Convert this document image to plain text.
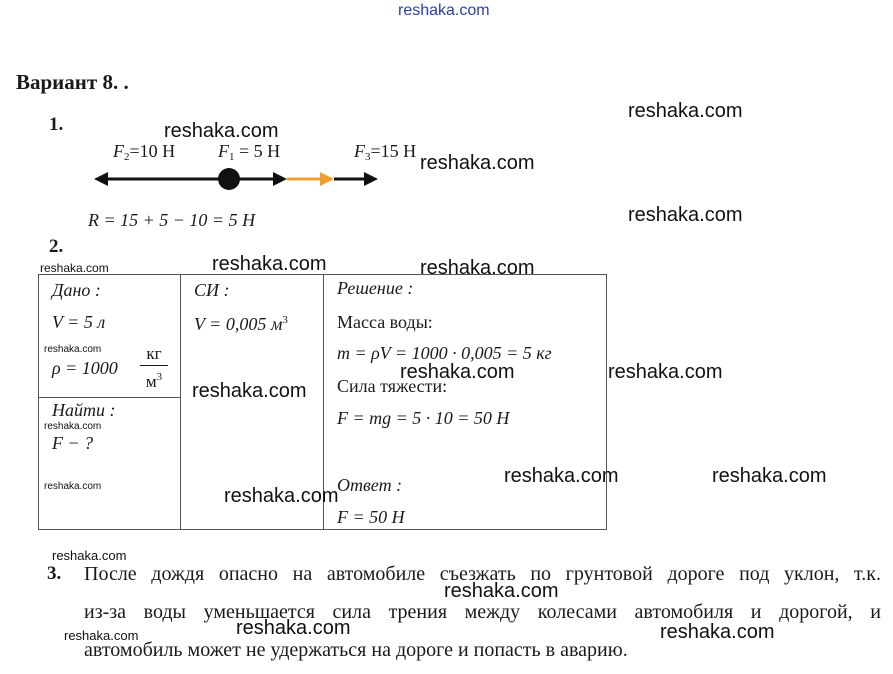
reshaka.com
Вариант 8. .
1.
$F_2=10$ Н $F_1 = 5$ Н	$F_3=15$ Н
R = 15 + 5 − 10 = 5 Н
2.
Дано :
V = 5 л
ρ = 1000
кг
$м^3$
Найти :
F − ?
СИ :
V = 0,005 $м^3$
Решение :
Масса воды:
m = ρV = 1000 · 0,005 = 5 кг
Сила тяжести:
F = mg = 5 · 10 = 50 Н
Ответ :
F = 50 Н
3. После дождя опасно на автомобиле съезжать по грунтовой дороге под уклон, т.к.
из-за воды уменьшается сила трения между колесами автомобиля и дорогой, и
автомобиль может не удержаться на дороге и попасть в аварию.
reshaka.com
reshaka.com
reshaka.com
reshaka.com
reshaka.com	reshaka.com
reshaka.com	reshaka.com
reshaka.com
reshaka.com	reshaka.com
reshaka.com
reshaka.com
reshaka.com	reshaka.com
reshaka.com
reshaka.com
reshaka.com
reshaka.com
reshaka.com
reshaka.com
